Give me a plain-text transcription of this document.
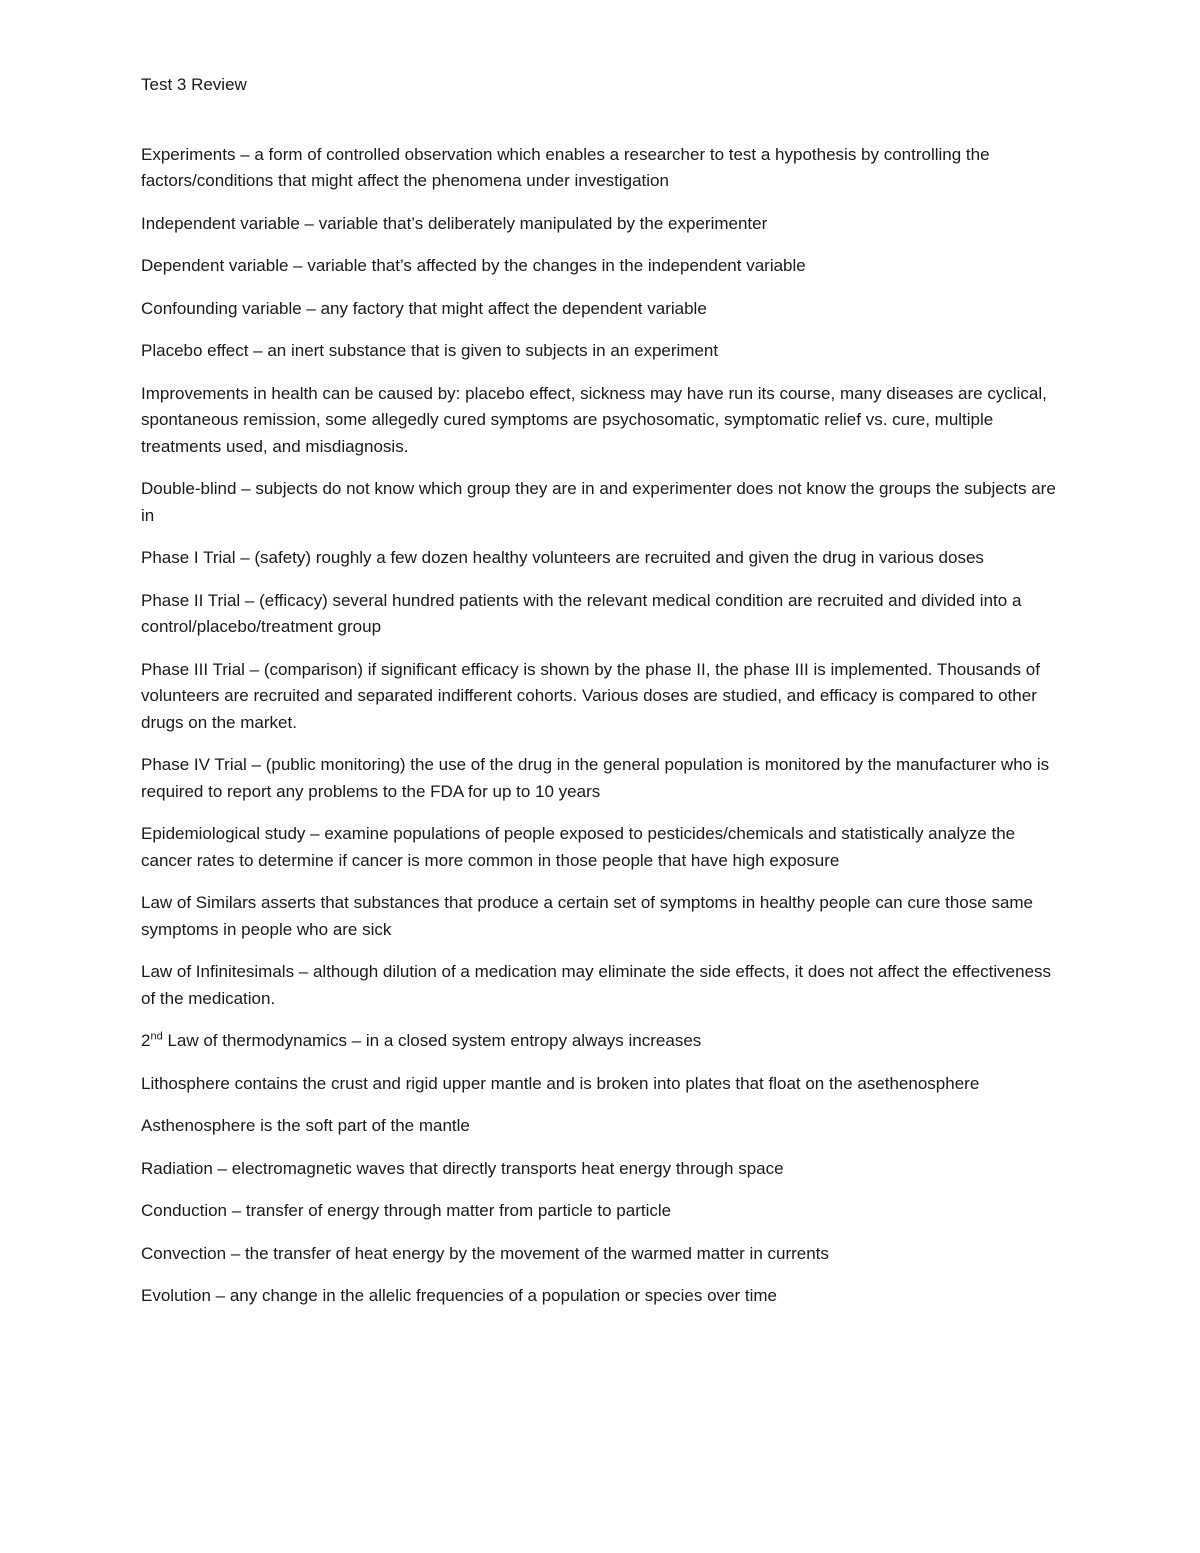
Test 3 Review

Experiments – a form of controlled observation which enables a researcher to test a hypothesis by controlling the factors/conditions that might affect the phenomena under investigation

Independent variable – variable that’s deliberately manipulated by the experimenter

Dependent variable – variable that’s affected by the changes in the independent variable

Confounding variable – any factory that might affect the dependent variable

Placebo effect – an inert substance that is given to subjects in an experiment

Improvements in health can be caused by: placebo effect, sickness may have run its course, many diseases are cyclical, spontaneous remission, some allegedly cured symptoms are psychosomatic, symptomatic relief vs. cure, multiple treatments used, and misdiagnosis.

Double-blind – subjects do not know which group they are in and experimenter does not know the groups the subjects are in

Phase I Trial – (safety) roughly a few dozen healthy volunteers are recruited and given the drug in various doses

Phase II Trial – (efficacy) several hundred patients with the relevant medical condition are recruited and divided into a control/placebo/treatment group

Phase III Trial – (comparison) if significant efficacy is shown by the phase II, the phase III is implemented. Thousands of volunteers are recruited and separated indifferent cohorts. Various doses are studied, and efficacy is compared to other drugs on the market.

Phase IV Trial – (public monitoring) the use of the drug in the general population is monitored by the manufacturer who is required to report any problems to the FDA for up to 10 years

Epidemiological study – examine populations of people exposed to pesticides/chemicals and statistically analyze the cancer rates to determine if cancer is more common in those people that have high exposure

Law of Similars asserts that substances that produce a certain set of symptoms in healthy people can cure those same symptoms in people who are sick

Law of Infinitesimals – although dilution of a medication may eliminate the side effects, it does not affect the effectiveness of the medication.

2nd Law of thermodynamics – in a closed system entropy always increases

Lithosphere contains the crust and rigid upper mantle and is broken into plates that float on the asethenosphere

Asthenosphere is the soft part of the mantle

Radiation – electromagnetic waves that directly transports heat energy through space

Conduction – transfer of energy through matter from particle to particle

Convection – the transfer of heat energy by the movement of the warmed matter in currents

Evolution – any change in the allelic frequencies of a population or species over time
